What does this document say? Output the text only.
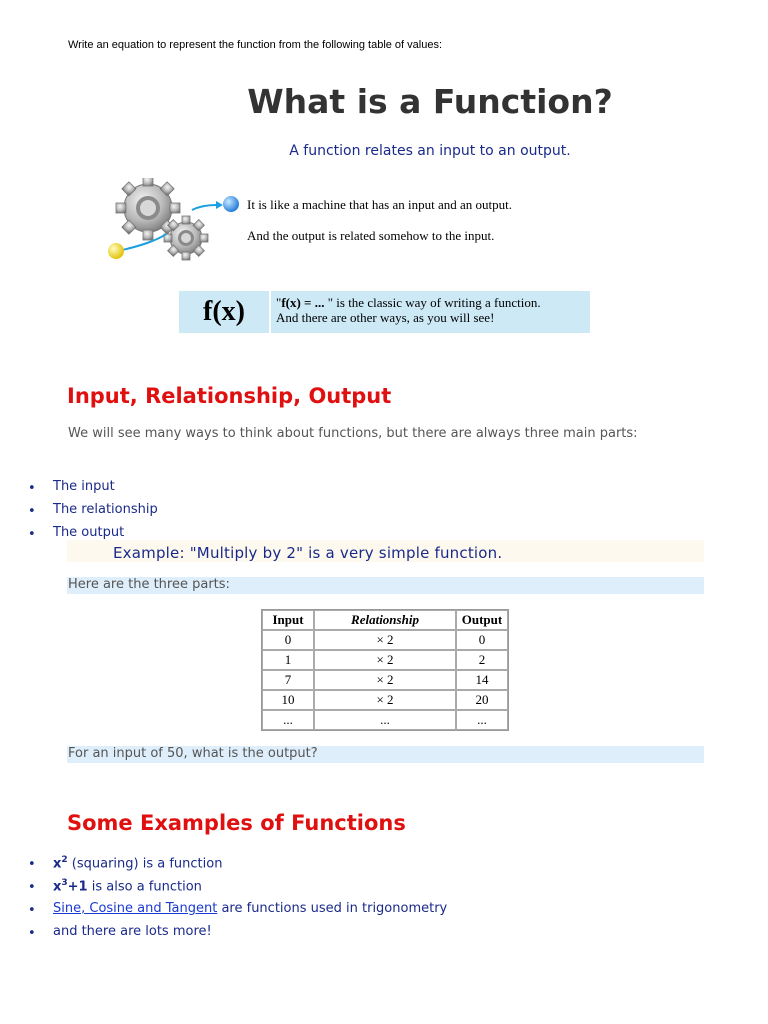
Write an equation to represent the function from the following table of values:
What is a Function?
A function relates an input to an output.
It is like a machine that has an input and an output.
And the output is related somehow to the input.
f(x)	"f(x) = ... " is the classic way of writing a function.
And there are other ways, as you will see!
Input, Relationship, Output
We will see many ways to think about functions, but there are always three main parts:
• The input
• The relationship
• The output
Example: "Multiply by 2" is a very simple function.
Here are the three parts:
Input	Relationship	Output
0	× 2	0
1	× 2	2
7	× 2	14
10	× 2	20
...	...	...
For an input of 50, what is the output?
Some Examples of Functions
• $x^2$ (squaring) is a function
• $x^3+1$ is also a function
• Sine, Cosine and Tangent are functions used in trigonometry
• and there are lots more!
